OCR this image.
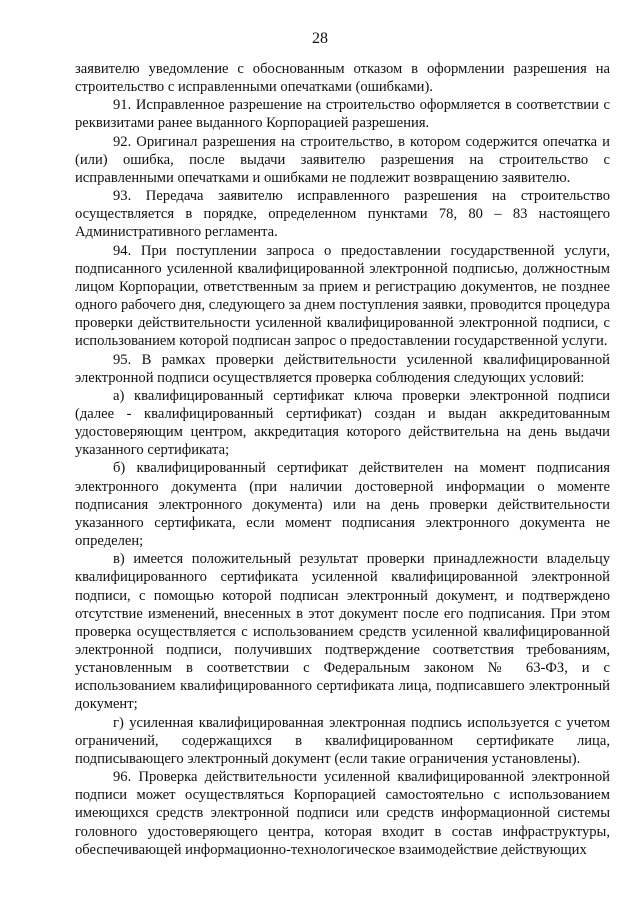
28

заявителю уведомление с обоснованным отказом в оформлении разрешения на строительство с исправленными опечатками (ошибками).

91. Исправленное разрешение на строительство оформляется в соответствии с реквизитами ранее выданного Корпорацией разрешения.

92. Оригинал разрешения на строительство, в котором содержится опечатка и (или) ошибка, после выдачи заявителю разрешения на строительство с исправленными опечатками и ошибками не подлежит возвращению заявителю.

93. Передача заявителю исправленного разрешения на строительство осуществляется в порядке, определенном пунктами 78, 80 – 83 настоящего Административного регламента.

94. При поступлении запроса о предоставлении государственной услуги, подписанного усиленной квалифицированной электронной подписью, должностным лицом Корпорации, ответственным за прием и регистрацию документов, не позднее одного рабочего дня, следующего за днем поступления заявки, проводится процедура проверки действительности усиленной квалифицированной электронной подписи, с использованием которой подписан запрос о предоставлении государственной услуги.

95. В рамках проверки действительности усиленной квалифицированной электронной подписи осуществляется проверка соблюдения следующих условий:

а) квалифицированный сертификат ключа проверки электронной подписи (далее - квалифицированный сертификат) создан и выдан аккредитованным удостоверяющим центром, аккредитация которого действительна на день выдачи указанного сертификата;

б) квалифицированный сертификат действителен на момент подписания электронного документа (при наличии достоверной информации о моменте подписания электронного документа) или на день проверки действительности указанного сертификата, если момент подписания электронного документа не определен;

в) имеется положительный результат проверки принадлежности владельцу квалифицированного сертификата усиленной квалифицированной электронной подписи, с помощью которой подписан электронный документ, и подтверждено отсутствие изменений, внесенных в этот документ после его подписания. При этом проверка осуществляется с использованием средств усиленной квалифицированной электронной подписи, получивших подтверждение соответствия требованиям, установленным в соответствии с Федеральным законом № 63-ФЗ, и с использованием квалифицированного сертификата лица, подписавшего электронный документ;

г) усиленная квалифицированная электронная подпись используется с учетом ограничений, содержащихся в квалифицированном сертификате лица, подписывающего электронный документ (если такие ограничения установлены).

96. Проверка действительности усиленной квалифицированной электронной подписи может осуществляться Корпорацией самостоятельно с использованием имеющихся средств электронной подписи или средств информационной системы головного удостоверяющего центра, которая входит в состав инфраструктуры, обеспечивающей информационно-технологическое взаимодействие действующих
